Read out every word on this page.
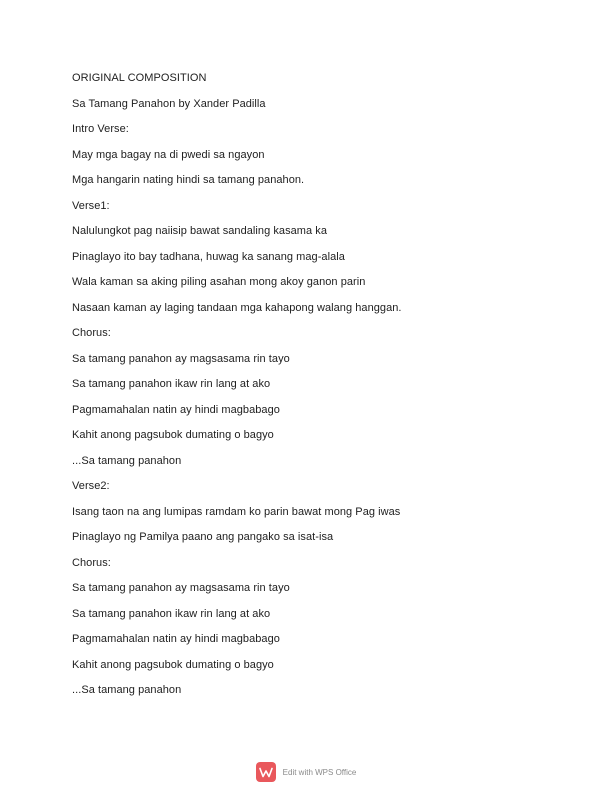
ORIGINAL COMPOSITION
Sa Tamang Panahon by Xander Padilla
Intro Verse:
May mga bagay na di pwedi sa ngayon
Mga hangarin nating hindi sa tamang panahon.
Verse1:
Nalulungkot pag naiisip bawat sandaling kasama ka
Pinaglayo ito bay tadhana, huwag ka sanang mag-alala
Wala kaman sa aking piling asahan mong akoy ganon parin
Nasaan kaman ay laging tandaan mga kahapong walang hanggan.
Chorus:
Sa tamang panahon ay magsasama rin tayo
Sa tamang panahon ikaw rin lang at ako
Pagmamahalan natin ay hindi magbabago
Kahit anong pagsubok dumating o bagyo
...Sa tamang panahon
Verse2:
Isang taon na ang lumipas ramdam ko parin bawat mong Pag iwas
Pinaglayo ng Pamilya paano ang pangako sa isat-isa
Chorus:
Sa tamang panahon ay magsasama rin tayo
Sa tamang panahon ikaw rin lang at ako
Pagmamahalan natin ay hindi magbabago
Kahit anong pagsubok dumating o bagyo
...Sa tamang panahon
Edit with WPS Office
